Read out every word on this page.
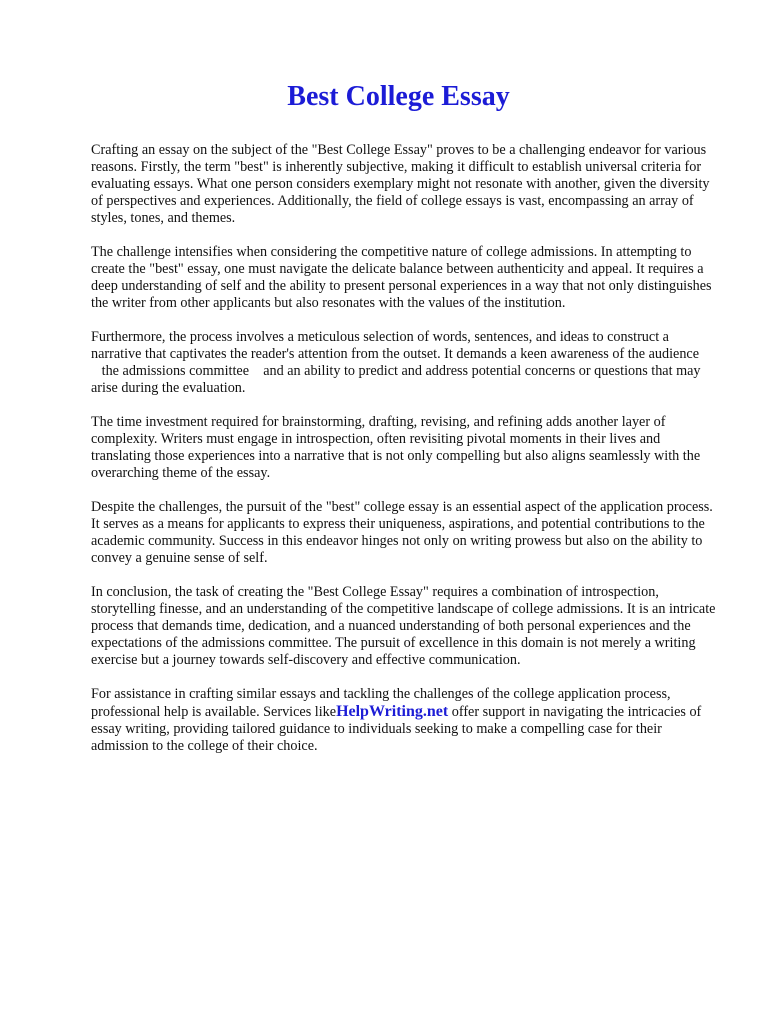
Best College Essay

Crafting an essay on the subject of the "Best College Essay" proves to be a challenging endeavor for various reasons. Firstly, the term "best" is inherently subjective, making it difficult to establish universal criteria for evaluating essays. What one person considers exemplary might not resonate with another, given the diversity of perspectives and experiences. Additionally, the field of college essays is vast, encompassing an array of styles, tones, and themes.

The challenge intensifies when considering the competitive nature of college admissions. In attempting to create the "best" essay, one must navigate the delicate balance between authenticity and appeal. It requires a deep understanding of self and the ability to present personal experiences in a way that not only distinguishes the writer from other applicants but also resonates with the values of the institution.

Furthermore, the process involves a meticulous selection of words, sentences, and ideas to construct a narrative that captivates the reader's attention from the outset. It demands a keen awareness of the audience    the admissions committee    and an ability to predict and address potential concerns or questions that may arise during the evaluation.

The time investment required for brainstorming, drafting, revising, and refining adds another layer of complexity. Writers must engage in introspection, often revisiting pivotal moments in their lives and translating those experiences into a narrative that is not only compelling but also aligns seamlessly with the overarching theme of the essay.

Despite the challenges, the pursuit of the "best" college essay is an essential aspect of the application process. It serves as a means for applicants to express their uniqueness, aspirations, and potential contributions to the academic community. Success in this endeavor hinges not only on writing prowess but also on the ability to convey a genuine sense of self.

In conclusion, the task of creating the "Best College Essay" requires a combination of introspection, storytelling finesse, and an understanding of the competitive landscape of college admissions. It is an intricate process that demands time, dedication, and a nuanced understanding of both personal experiences and the expectations of the admissions committee. The pursuit of excellence in this domain is not merely a writing exercise but a journey towards self-discovery and effective communication.

For assistance in crafting similar essays and tackling the challenges of the college application process, professional help is available. Services likeHelpWriting.net offer support in navigating the intricacies of essay writing, providing tailored guidance to individuals seeking to make a compelling case for their admission to the college of their choice.
